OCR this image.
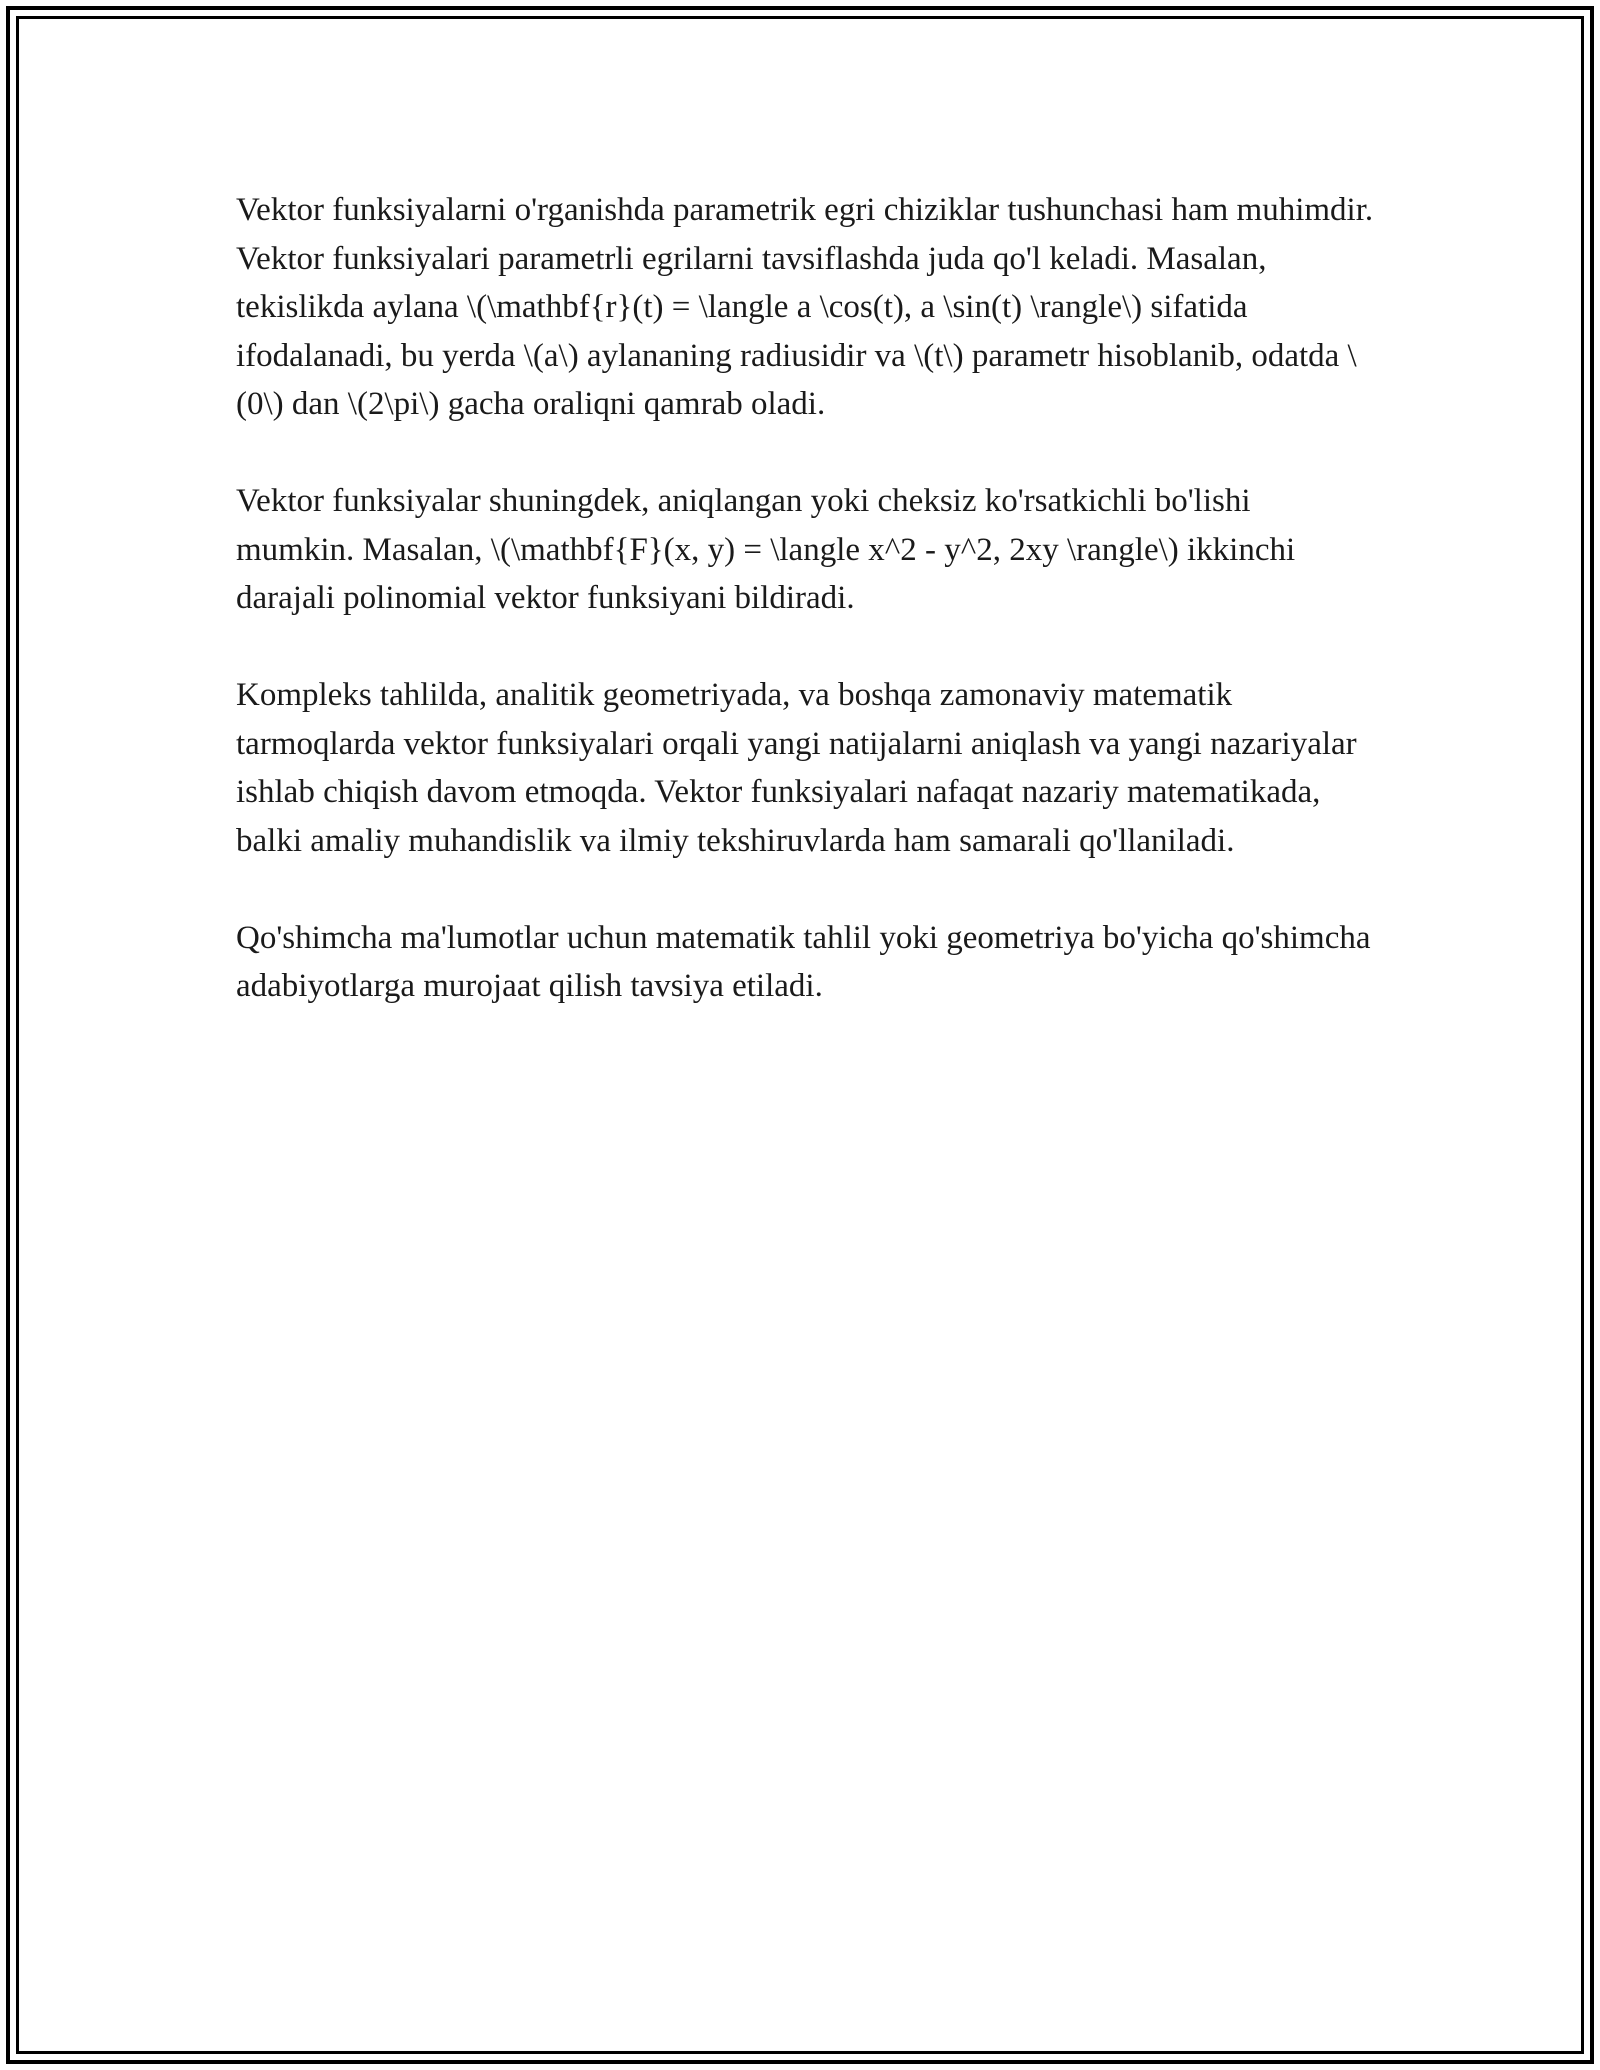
Vektor funksiyalarni o'rganishda parametrik egri chiziklar tushunchasi ham muhimdir. Vektor funksiyalari parametrli egrilarni tavsiflashda juda qo'l keladi. Masalan, tekislikda aylana \(\mathbf{r}(t) = \langle a \cos(t), a \sin(t) \rangle\) sifatida ifodalanadi, bu yerda \(a\) aylananing radiusidir va \(t\) parametr hisoblanib, odatda \(0\) dan \(2\pi\) gacha oraliqni qamrab oladi.

Vektor funksiyalar shuningdek, aniqlangan yoki cheksiz ko'rsatkichli bo'lishi mumkin. Masalan, \(\mathbf{F}(x, y) = \langle x^2 - y^2, 2xy \rangle\) ikkinchi darajali polinomial vektor funksiyani bildiradi.

Kompleks tahlilda, analitik geometriyada, va boshqa zamonaviy matematik tarmoqlarda vektor funksiyalari orqali yangi natijalarni aniqlash va yangi nazariyalar ishlab chiqish davom etmoqda. Vektor funksiyalari nafaqat nazariy matematikada, balki amaliy muhandislik va ilmiy tekshiruvlarda ham samarali qo'llaniladi.

Qo'shimcha ma'lumotlar uchun matematik tahlil yoki geometriya bo'yicha qo'shimcha adabiyotlarga murojaat qilish tavsiya etiladi.
